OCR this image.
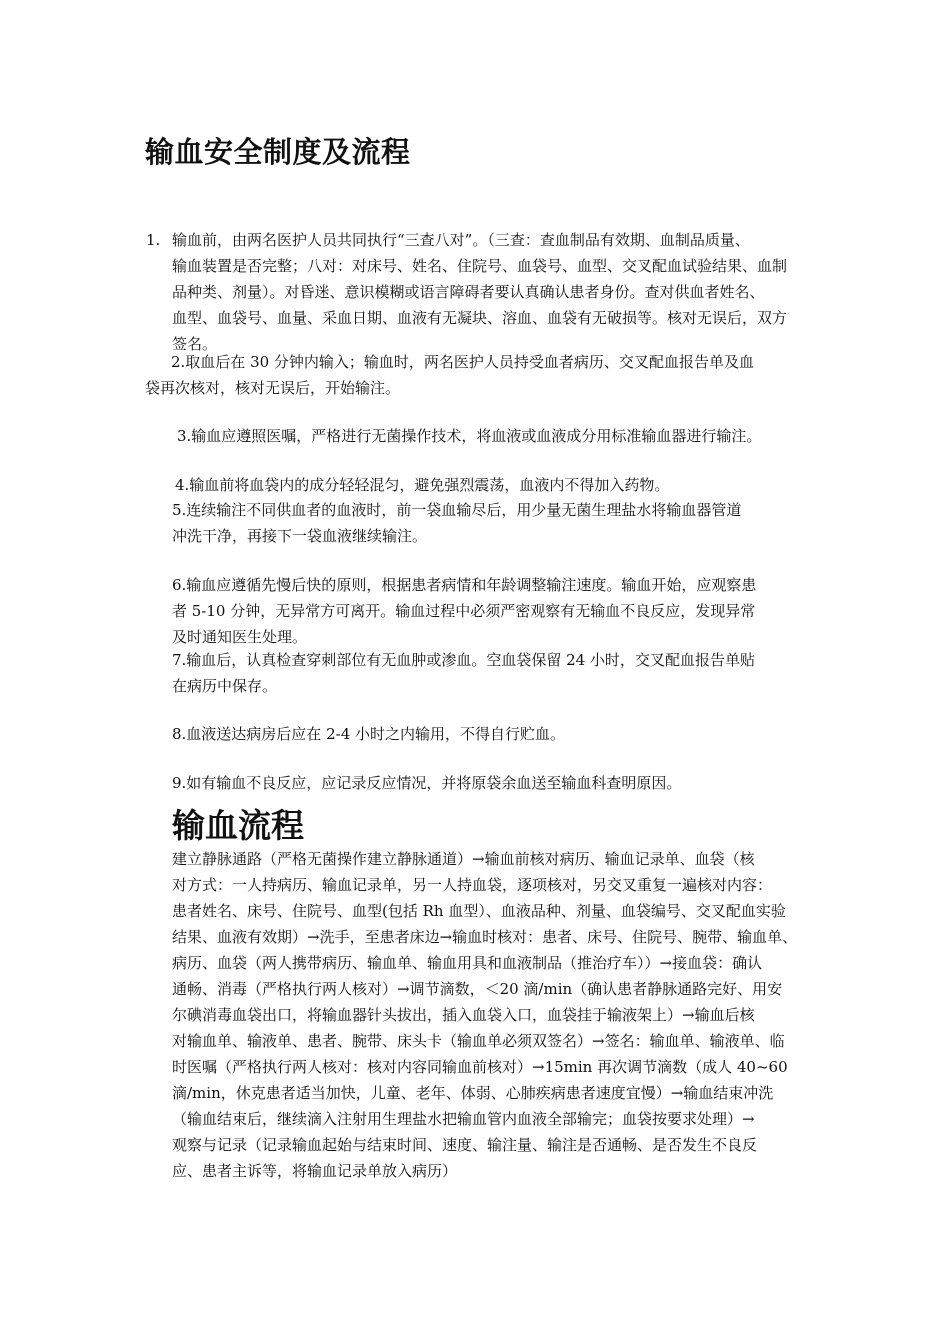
输血安全制度及流程
1. 输血前，由两名医护人员共同执行“三查八对”。（三查：查血制品有效期、血制品质量、
输血装置是否完整；八对：对床号、姓名、住院号、血袋号、血型、交叉配血试验结果、血制
品种类、剂量）。对昏迷、意识模糊或语言障碍者要认真确认患者身份。查对供血者姓名、
血型、血袋号、血量、采血日期、血液有无凝块、溶血、血袋有无破损等。核对无误后，双方
签名。
2.取血后在 30 分钟内输入；输血时，两名医护人员持受血者病历、交叉配血报告单及血
袋再次核对，核对无误后，开始输注。
3.输血应遵照医嘱，严格进行无菌操作技术，将血液或血液成分用标准输血器进行输注。
4.输血前将血袋内的成分轻轻混匀，避免强烈震荡，血液内不得加入药物。
5.连续输注不同供血者的血液时，前一袋血输尽后，用少量无菌生理盐水将输血器管道
冲洗干净，再接下一袋血液继续输注。
6.输血应遵循先慢后快的原则，根据患者病情和年龄调整输注速度。输血开始，应观察患
者 5-10 分钟，无异常方可离开。输血过程中必须严密观察有无输血不良反应，发现异常
及时通知医生处理。
7.输血后，认真检查穿刺部位有无血肿或渗血。空血袋保留 24 小时，交叉配血报告单贴
在病历中保存。
8.血液送达病房后应在 2-4 小时之内输用，不得自行贮血。
9.如有输血不良反应，应记录反应情况，并将原袋余血送至输血科查明原因。
输血流程
建立静脉通路（严格无菌操作建立静脉通道）→输血前核对病历、输血记录单、血袋（核
对方式：一人持病历、输血记录单，另一人持血袋，逐项核对，另交叉重复一遍核对内容：
患者姓名、床号、住院号、血型(包括 Rh 血型）、血液品种、剂量、血袋编号、交叉配血实验
结果、血液有效期）→洗手，至患者床边→输血时核对：患者、床号、住院号、腕带、输血单、
病历、血袋（两人携带病历、输血单、输血用具和血液制品（推治疗车））→接血袋：确认
通畅、消毒（严格执行两人核对）→调节滴数，＜20 滴/min（确认患者静脉通路完好、用安
尔碘消毒血袋出口，将输血器针头拔出，插入血袋入口，血袋挂于输液架上）→输血后核
对输血单、输液单、患者、腕带、床头卡（输血单必须双签名）→签名：输血单、输液单、临
时医嘱（严格执行两人核对：核对内容同输血前核对）→15min 再次调节滴数（成人 40~60
滴/min，休克患者适当加快，儿童、老年、体弱、心肺疾病患者速度宜慢）→输血结束冲洗
（输血结束后，继续滴入注射用生理盐水把输血管内血液全部输完；血袋按要求处理）→
观察与记录（记录输血起始与结束时间、速度、输注量、输注是否通畅、是否发生不良反
应、患者主诉等，将输血记录单放入病历）
